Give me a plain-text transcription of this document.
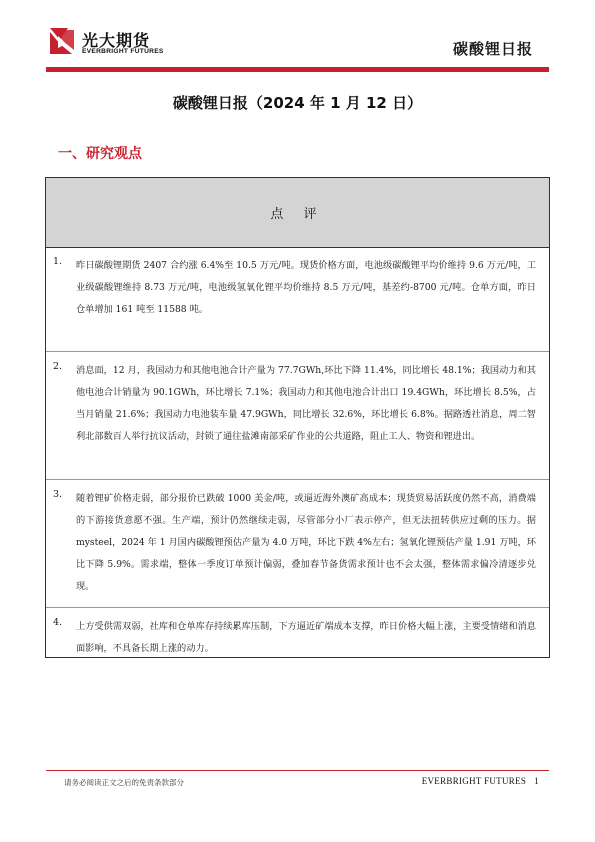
光大期货
EVERBRIGHT FUTURES	碳酸锂日报
碳酸锂日报（2024 年 1 月 12 日）
一、研究观点
点 评
1. 昨日碳酸锂期货 2407 合约涨 6.4%至 10.5 万元/吨。现货价格方面，电池级碳酸锂平均价维持 9.6 万元/吨，工业级碳酸锂维持 8.73 万元/吨，电池级氢氧化锂平均价维持 8.5 万元/吨，基差约-8700 元/吨。仓单方面，昨日仓单增加 161 吨至 11588 吨。
2. 消息面，12 月，我国动力和其他电池合计产量为 77.7GWh,环比下降 11.4%，同比增长 48.1%；我国动力和其他电池合计销量为 90.1GWh，环比增长 7.1%；我国动力和其他电池合计出口 19.4GWh，环比增长 8.5%，占当月销量 21.6%；我国动力电池装车量 47.9GWh，同比增长 32.6%，环比增长 6.8%。据路透社消息，周二智利北部数百人举行抗议活动，封锁了通往盐滩南部采矿作业的公共道路，阻止工人、物资和锂进出。
3. 随着锂矿价格走弱，部分报价已跌破 1000 美金/吨，或逼近海外澳矿高成本；现货贸易活跃度仍然不高，消费端的下游接货意愿不强。生产端，预计仍然继续走弱，尽管部分小厂表示停产，但无法扭转供应过剩的压力。据 mysteel，2024 年 1 月国内碳酸锂预估产量为 4.0 万吨，环比下跌 4%左右；氢氧化锂预估产量 1.91 万吨，环比下降 5.9%。需求端，整体一季度订单预计偏弱，叠加春节备货需求预计也不会太强，整体需求偏冷清逐步兑现。
4. 上方受供需双弱，社库和仓单库存持续累库压制，下方逼近矿端成本支撑，昨日价格大幅上涨，主要受情绪和消息面影响，不具备长期上涨的动力。
请务必阅读正文之后的免责条款部分	EVERBRIGHT FUTURES 1
